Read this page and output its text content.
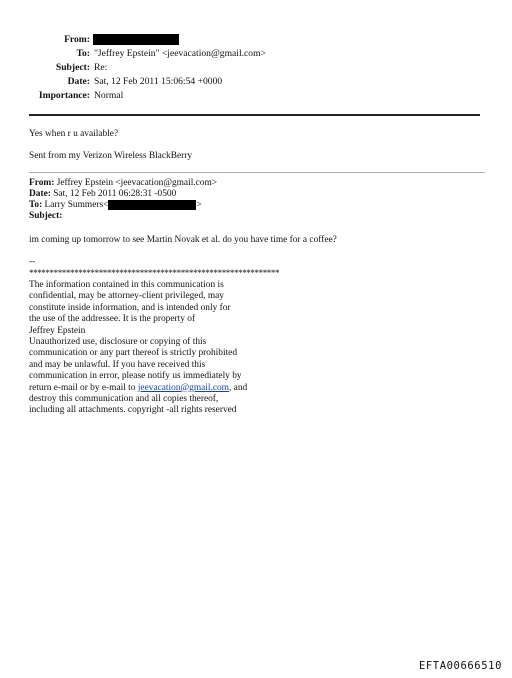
From:
To: "Jeffrey Epstein" <jeevacation@gmail.com>
Subject: Re:
Date: Sat, 12 Feb 2011 15:06:54 +0000
Importance: Normal
Yes when r u available?
Sent from my Verizon Wireless BlackBerry
From: Jeffrey Epstein <jeevacation@gmail.com>
Date: Sat, 12 Feb 2011 06:28:31 -0500
To: Larry Summers<	>
Subject:
im coming up tomorrow to see Martin Novak et al. do you have time for a coffee?
--
*************************************************************
The information contained in this communication is
confidential, may be attorney-client privileged, may
constitute inside information, and is intended only for
the use of the addressee. It is the property of
Jeffrey Epstein
Unauthorized use, disclosure or copying of this
communication or any part thereof is strictly prohibited
and may be unlawful. If you have received this
communication in error, please notify us immediately by
return e-mail or by e-mail to jeevacation@gmail.com, and
destroy this communication and all copies thereof,
including all attachments. copyright -all rights reserved
EFTA00666510
